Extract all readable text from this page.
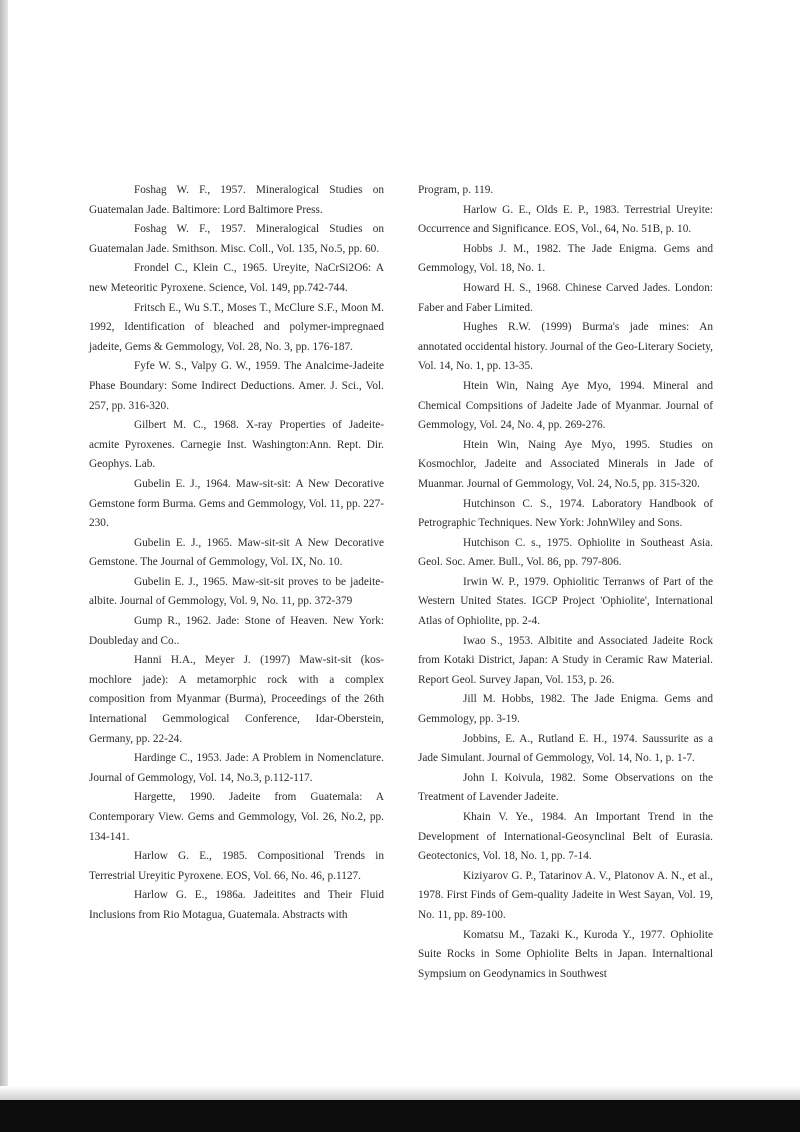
Foshag W. F., 1957. Mineralogical Studies on Guatemalan Jade. Baltimore: Lord Baltimore Press.

Foshag W. F., 1957. Mineralogical Studies on Guatemalan Jade. Smithson. Misc. Coll., Vol. 135, No.5, pp. 60.

Frondel C., Klein C., 1965. Ureyite, NaCrSi2O6: A new Meteoritic Pyroxene. Science, Vol. 149, pp.742-744.

Fritsch E., Wu S.T., Moses T., McClure S.F., Moon M. 1992, Identification of bleached and polymer-impregnaed jadeite, Gems & Gemmology, Vol. 28, No. 3, pp. 176-187.

Fyfe W. S., Valpy G. W., 1959. The Analcime-Jadeite Phase Boundary: Some Indirect Deductions. Amer. J. Sci., Vol. 257, pp. 316-320.

Gilbert M. C., 1968. X-ray Properties of Jadeite-acmite Pyroxenes. Carnegie Inst. Washington:Ann. Rept. Dir. Geophys. Lab.

Gubelin E. J., 1964. Maw-sit-sit: A New Decorative Gemstone form Burma. Gems and Gemmology, Vol. 11, pp. 227-230.

Gubelin E. J., 1965. Maw-sit-sit A New Decorative Gemstone. The Journal of Gemmology, Vol. IX, No. 10.

Gubelin E. J., 1965. Maw-sit-sit proves to be jadeite-albite. Journal of Gemmology, Vol. 9, No. 11, pp. 372-379

Gump R., 1962. Jade: Stone of Heaven. New York: Doubleday and Co..

Hanni H.A., Meyer J. (1997) Maw-sit-sit (kos-mochlore jade): A metamorphic rock with a complex composition from Myanmar (Burma), Proceedings of the 26th International Gemmological Conference, Idar-Oberstein, Germany, pp. 22-24.

Hardinge C., 1953. Jade: A Problem in Nomenclature. Journal of Gemmology, Vol. 14, No.3, p.112-117.

Hargette, 1990. Jadeite from Guatemala: A Contemporary View. Gems and Gemmology, Vol. 26, No.2, pp. 134-141.

Harlow G. E., 1985. Compositional Trends in Terrestrial Ureyitic Pyroxene. EOS, Vol. 66, No. 46, p.1127.

Harlow G. E., 1986a. Jadeitites and Their Fluid Inclusions from Rio Motagua, Guatemala. Abstracts with

Program, p. 119.

Harlow G. E., Olds E. P., 1983. Terrestrial Ureyite: Occurrence and Significance. EOS, Vol., 64, No. 51B, p. 10.

Hobbs J. M., 1982. The Jade Enigma. Gems and Gemmology, Vol. 18, No. 1.

Howard H. S., 1968. Chinese Carved Jades. London: Faber and Faber Limited.

Hughes R.W. (1999) Burma's jade mines: An annotated occidental history. Journal of the Geo-Literary Society, Vol. 14, No. 1, pp. 13-35.

Htein Win, Naing Aye Myo, 1994. Mineral and Chemical Compsitions of Jadeite Jade of Myanmar. Journal of Gemmology, Vol. 24, No. 4, pp. 269-276.

Htein Win, Naing Aye Myo, 1995. Studies on Kosmochlor, Jadeite and Associated Minerals in Jade of Muanmar. Journal of Gemmology, Vol. 24, No.5, pp. 315-320.

Hutchinson C. S., 1974. Laboratory Handbook of Petrographic Techniques. New York: JohnWiley and Sons.

Hutchison C. s., 1975. Ophiolite in Southeast Asia. Geol. Soc. Amer. Bull., Vol. 86, pp. 797-806.

Irwin W. P., 1979. Ophiolitic Terranws of Part of the Western United States. IGCP Project 'Ophiolite', International Atlas of Ophiolite, pp. 2-4.

Iwao S., 1953. Albitite and Associated Jadeite Rock from Kotaki District, Japan: A Study in Ceramic Raw Material. Report Geol. Survey Japan, Vol. 153, p. 26.

Jill M. Hobbs, 1982. The Jade Enigma. Gems and Gemmology, pp. 3-19.

Jobbins, E. A., Rutland E. H., 1974. Saussurite as a Jade Simulant. Journal of Gemmology, Vol. 14, No. 1, p. 1-7.

John I. Koivula, 1982. Some Observations on the Treatment of Lavender Jadeite.

Khain V. Ye., 1984. An Important Trend in the Development of International-Geosynclinal Belt of Eurasia. Geotectonics, Vol. 18, No. 1, pp. 7-14.

Kiziyarov G. P., Tatarinov A. V., Platonov A. N., et al., 1978. First Finds of Gem-quality Jadeite in West Sayan, Vol. 19, No. 11, pp. 89-100.

Komatsu M., Tazaki K., Kuroda Y., 1977. Ophiolite Suite Rocks in Some Ophiolite Belts in Japan. Internaltional Sympsium on Geodynamics in Southwest
